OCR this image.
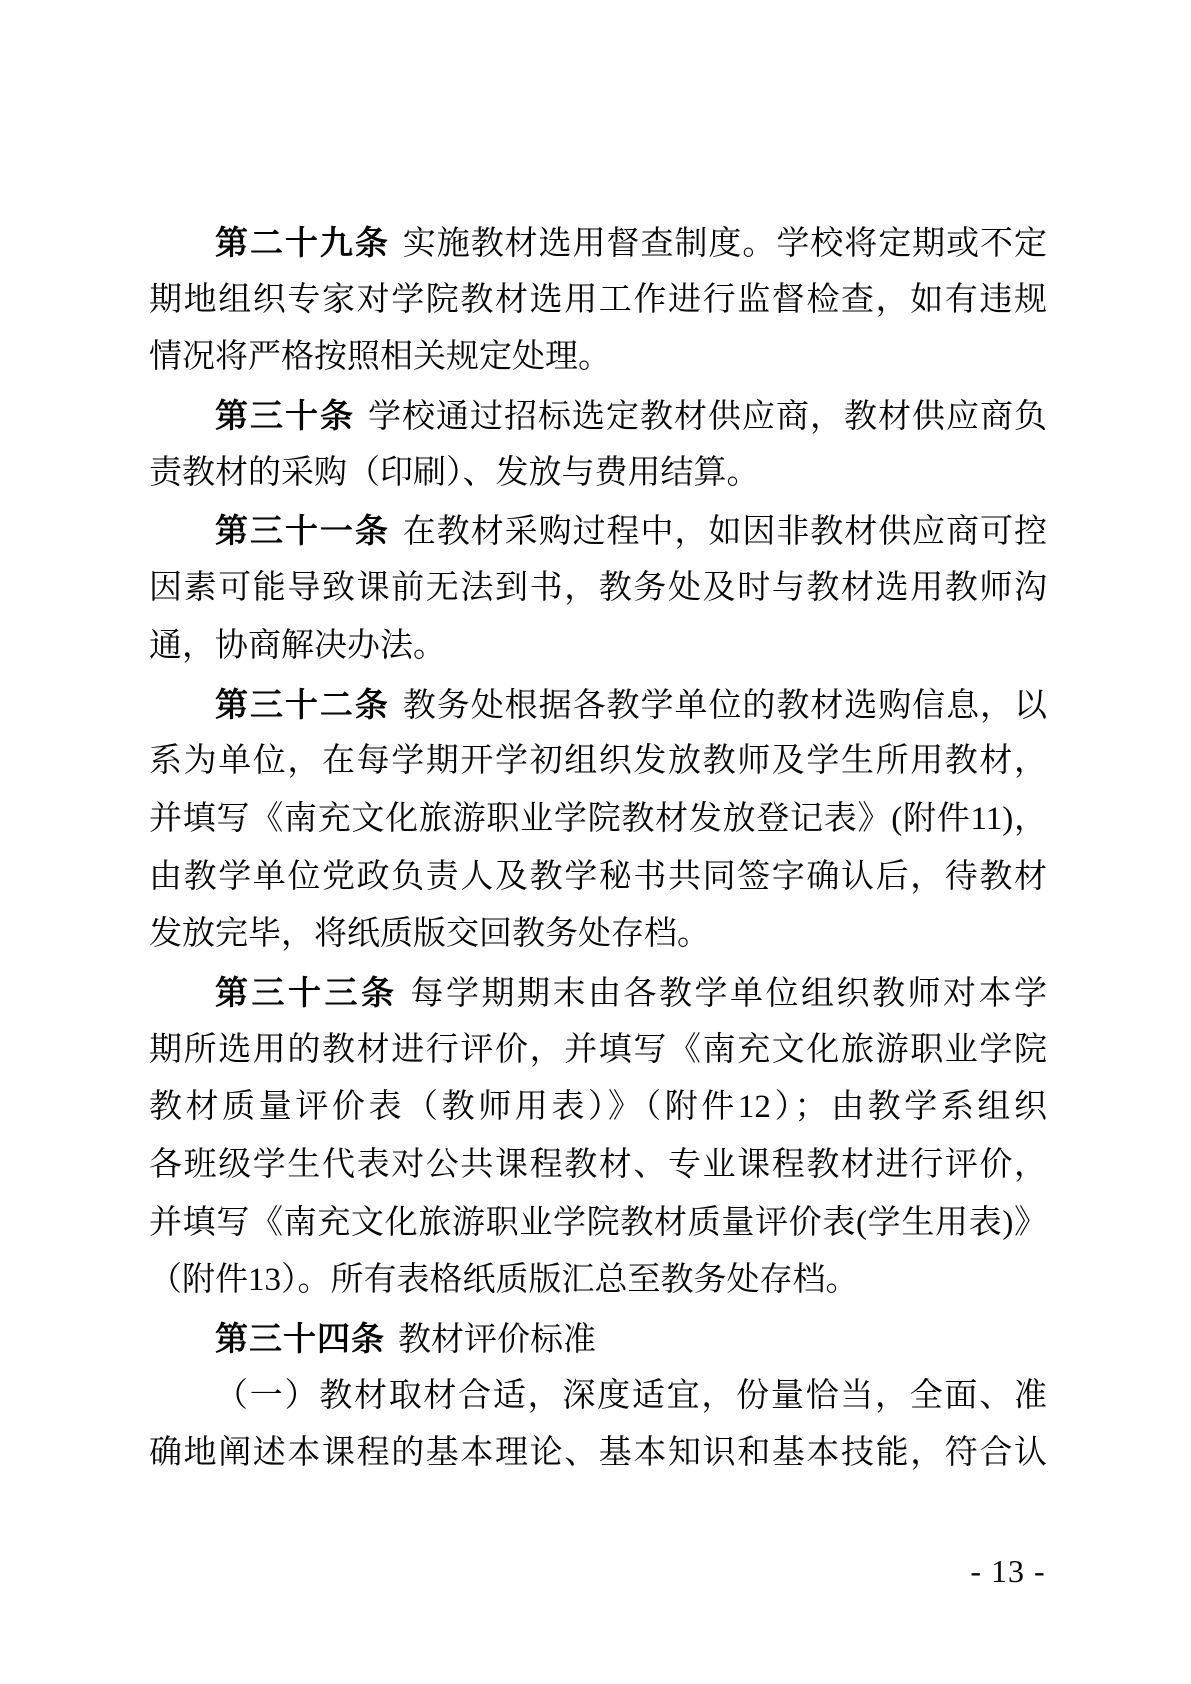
第二十九条 实施教材选用督查制度。学校将定期或不定
期地组织专家对学院教材选用工作进行监督检查，如有违规
情况将严格按照相关规定处理。
第三十条 学校通过招标选定教材供应商，教材供应商负
责教材的采购（印刷）、发放与费用结算。
第三十一条 在教材采购过程中，如因非教材供应商可控
因素可能导致课前无法到书，教务处及时与教材选用教师沟
通，协商解决办法。
第三十二条 教务处根据各教学单位的教材选购信息，以
系为单位，在每学期开学初组织发放教师及学生所用教材，
并填写《南充文化旅游职业学院教材发放登记表》(附件11)，
由教学单位党政负责人及教学秘书共同签字确认后，待教材
发放完毕，将纸质版交回教务处存档。
第三十三条 每学期期末由各教学单位组织教师对本学
期所选用的教材进行评价，并填写《南充文化旅游职业学院
教材质量评价表（教师用表）》（附件12）；由教学系组织
各班级学生代表对公共课程教材、专业课程教材进行评价，
并填写《南充文化旅游职业学院教材质量评价表(学生用表)》
（附件13）。所有表格纸质版汇总至教务处存档。
第三十四条 教材评价标准
（一）教材取材合适，深度适宜，份量恰当，全面、准
确地阐述本课程的基本理论、基本知识和基本技能，符合认
- 13 -
